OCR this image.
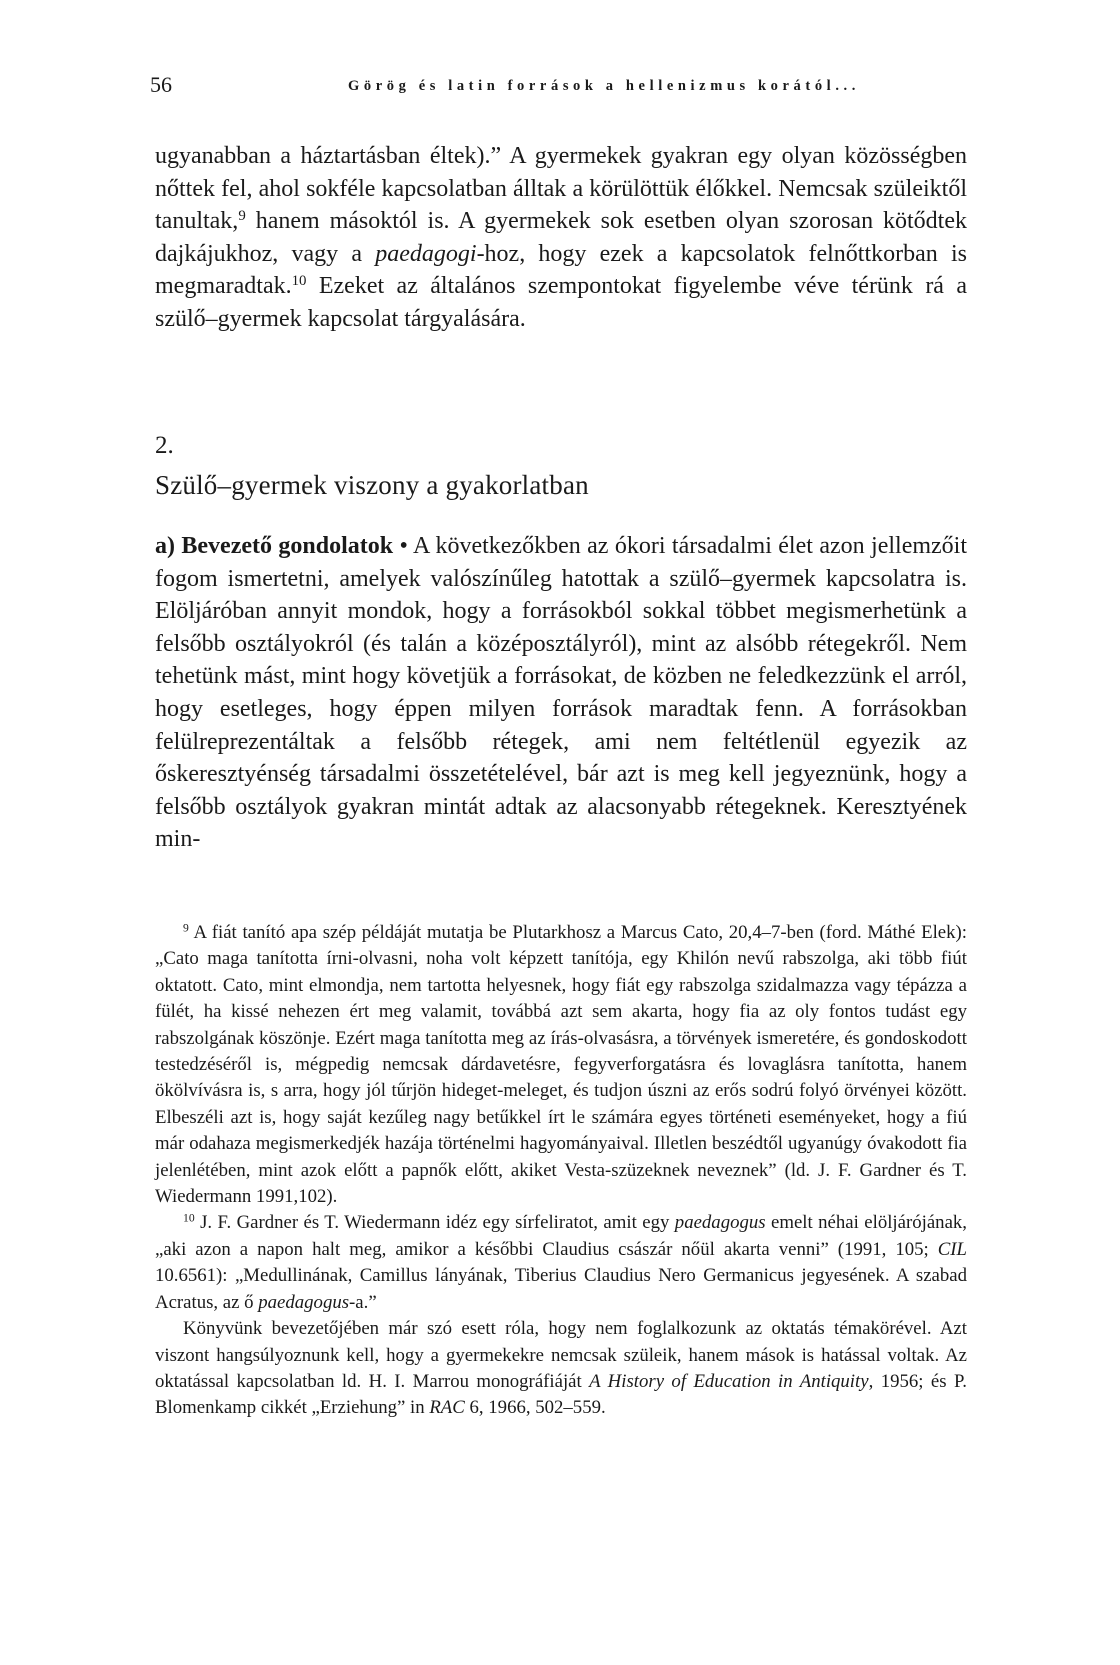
56	Görög és latin források a hellenizmus korától...

ugyanabban a háztartásban éltek).” A gyermekek gyakran egy olyan közösségben nőttek fel, ahol sokféle kapcsolatban álltak a körülöttük élőkkel. Nemcsak szüleiktől tanultak,$^9$ hanem másoktól is. A gyermekek sok esetben olyan szorosan kötődtek dajkájukhoz, vagy a paedagogi-hoz, hogy ezek a kapcsolatok felnőttkorban is megmaradtak.$^{10}$ Ezeket az általános szempontokat figyelembe véve térünk rá a szülő–gyermek kapcsolat tárgyalására.

2.
Szülő–gyermek viszony a gyakorlatban

a) Bevezető gondolatok • A következőkben az ókori társadalmi élet azon jellemzőit fogom ismertetni, amelyek valószínűleg hatottak a szülő–gyermek kapcsolatra is. Elöljáróban annyit mondok, hogy a forrásokból sokkal többet megismerhetünk a felsőbb osztályokról (és talán a középosztályról), mint az alsóbb rétegekről. Nem tehetünk mást, mint hogy követjük a forrásokat, de közben ne feledkezzünk el arról, hogy esetleges, hogy éppen milyen források maradtak fenn. A forrásokban felülreprezentáltak a felsőbb rétegek, ami nem feltétlenül egyezik az őskeresztyénség társadalmi összetételével, bár azt is meg kell jegyeznünk, hogy a felsőbb osztályok gyakran mintát adtak az alacsonyabb rétegeknek. Keresztyének min-

$^9$ A fiát tanító apa szép példáját mutatja be Plutarkhosz a Marcus Cato, 20,4–7-ben (ford. Máthé Elek): „Cato maga tanította írni-olvasni, noha volt képzett tanítója, egy Khilón nevű rabszolga, aki több fiút oktatott. Cato, mint elmondja, nem tartotta helyesnek, hogy fiát egy rabszolga szidalmazza vagy tépázza a fülét, ha kissé nehezen ért meg valamit, továbbá azt sem akarta, hogy fia az oly fontos tudást egy rabszolgának köszönje. Ezért maga tanította meg az írás-olvasásra, a törvények ismeretére, és gondoskodott testedzéséről is, mégpedig nemcsak dárdavetésre, fegyverforgatásra és lovaglásra tanította, hanem ökölvívásra is, s arra, hogy jól tűrjön hideget-meleget, és tudjon úszni az erős sodrú folyó örvényei között. Elbeszéli azt is, hogy saját kezűleg nagy betűkkel írt le számára egyes történeti eseményeket, hogy a fiú már odahaza megismerkedjék hazája történelmi hagyományaival. Illetlen beszédtől ugyanúgy óvakodott fia jelenlétében, mint azok előtt a papnők előtt, akiket Vesta-szüzeknek neveznek” (ld. J. F. Gardner és T. Wiedermann 1991,102).

$^{10}$ J. F. Gardner és T. Wiedermann idéz egy sírfeliratot, amit egy paedagogus emelt néhai elöljárójának, „aki azon a napon halt meg, amikor a későbbi Claudius császár nőül akarta venni” (1991, 105; CIL 10.6561): „Medullinának, Camillus lányának, Tiberius Claudius Nero Germanicus jegyesének. A szabad Acratus, az ő paedagogus-a.”

Könyvünk bevezetőjében már szó esett róla, hogy nem foglalkozunk az oktatás témakörével. Azt viszont hangsúlyoznunk kell, hogy a gyermekekre nemcsak szüleik, hanem mások is hatással voltak. Az oktatással kapcsolatban ld. H. I. Marrou monográfiáját A History of Education in Antiquity, 1956; és P. Blomenkamp cikkét „Erziehung” in RAC 6, 1966, 502–559.
